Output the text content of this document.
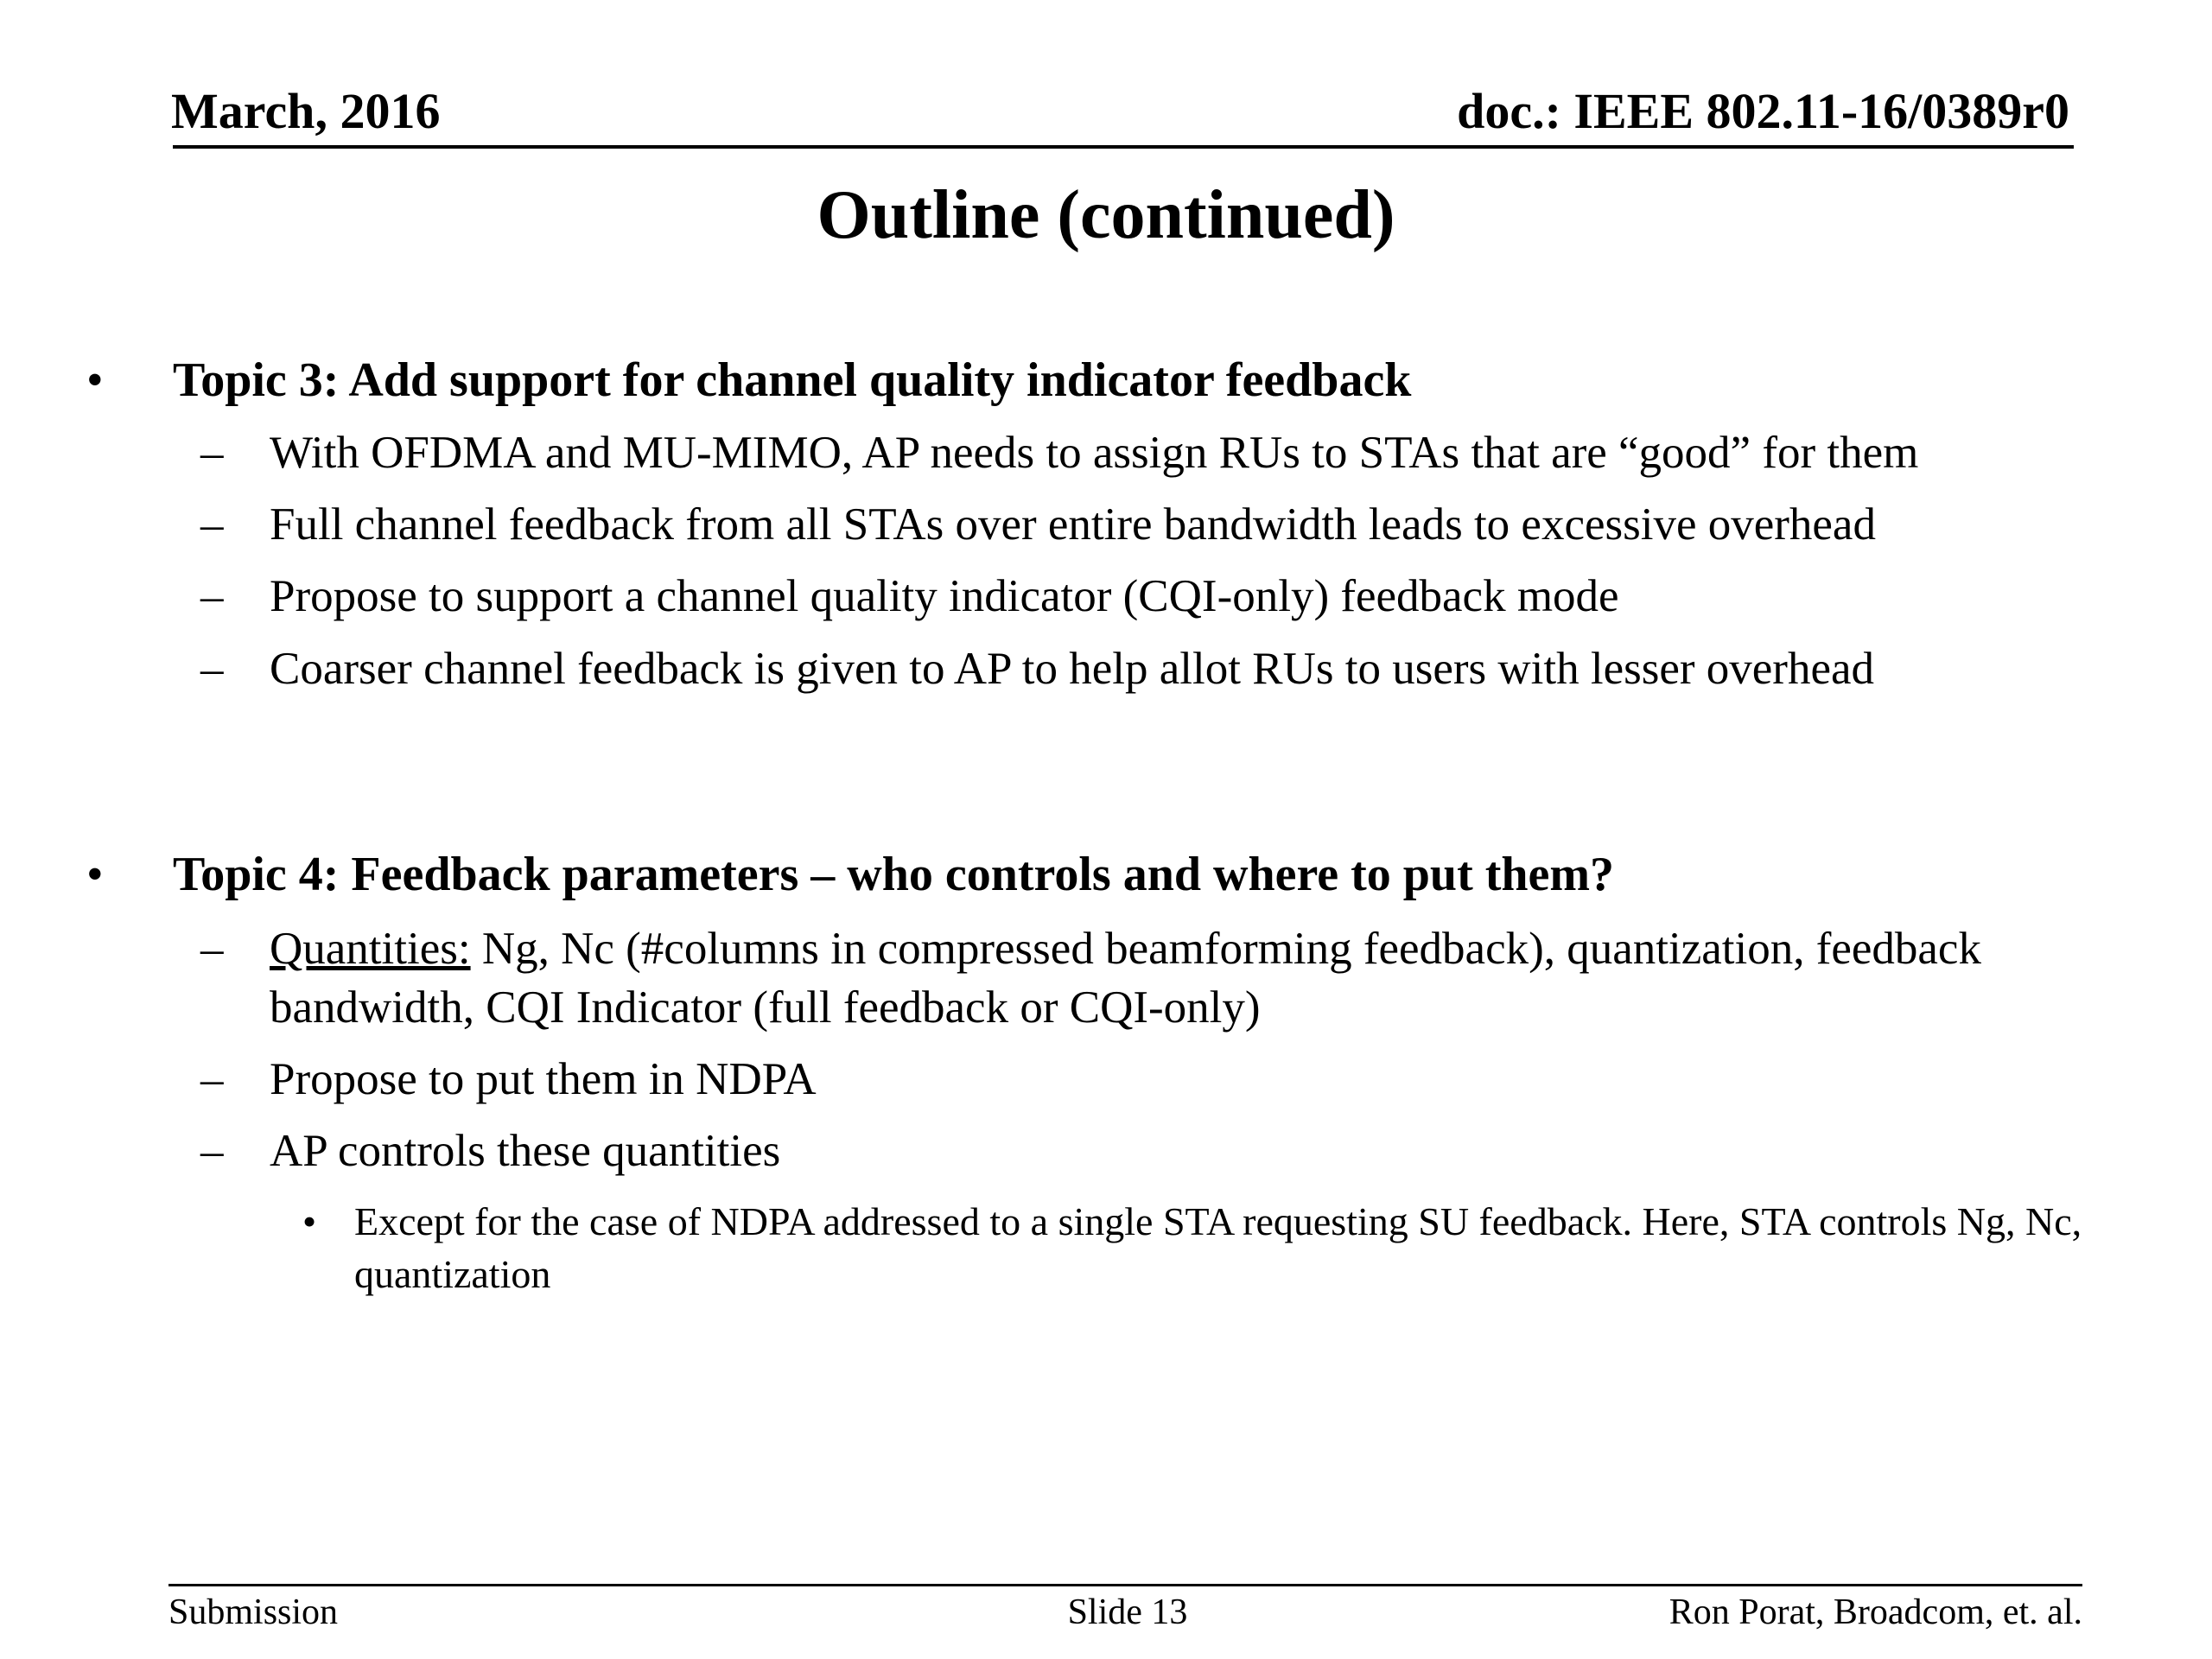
March, 2016	doc.: IEEE 802.11-16/0389r0
Outline (continued)
• Topic 3: Add support for channel quality indicator feedback
– With OFDMA and MU-MIMO, AP needs to assign RUs to STAs that are “good” for them
– Full channel feedback from all STAs over entire bandwidth leads to excessive overhead
– Propose to support a channel quality indicator (CQI-only) feedback mode
– Coarser channel feedback is given to AP to help allot RUs to users with lesser overhead
• Topic 4: Feedback parameters – who controls and where to put them?
– Quantities: Ng, Nc (#columns in compressed beamforming feedback), quantization, feedback bandwidth, CQI Indicator (full feedback or CQI-only)
– Propose to put them in NDPA
– AP controls these quantities
• Except for the case of NDPA addressed to a single STA requesting SU feedback. Here, STA controls Ng, Nc, quantization
Submission	Slide 13	Ron Porat, Broadcom, et. al.
